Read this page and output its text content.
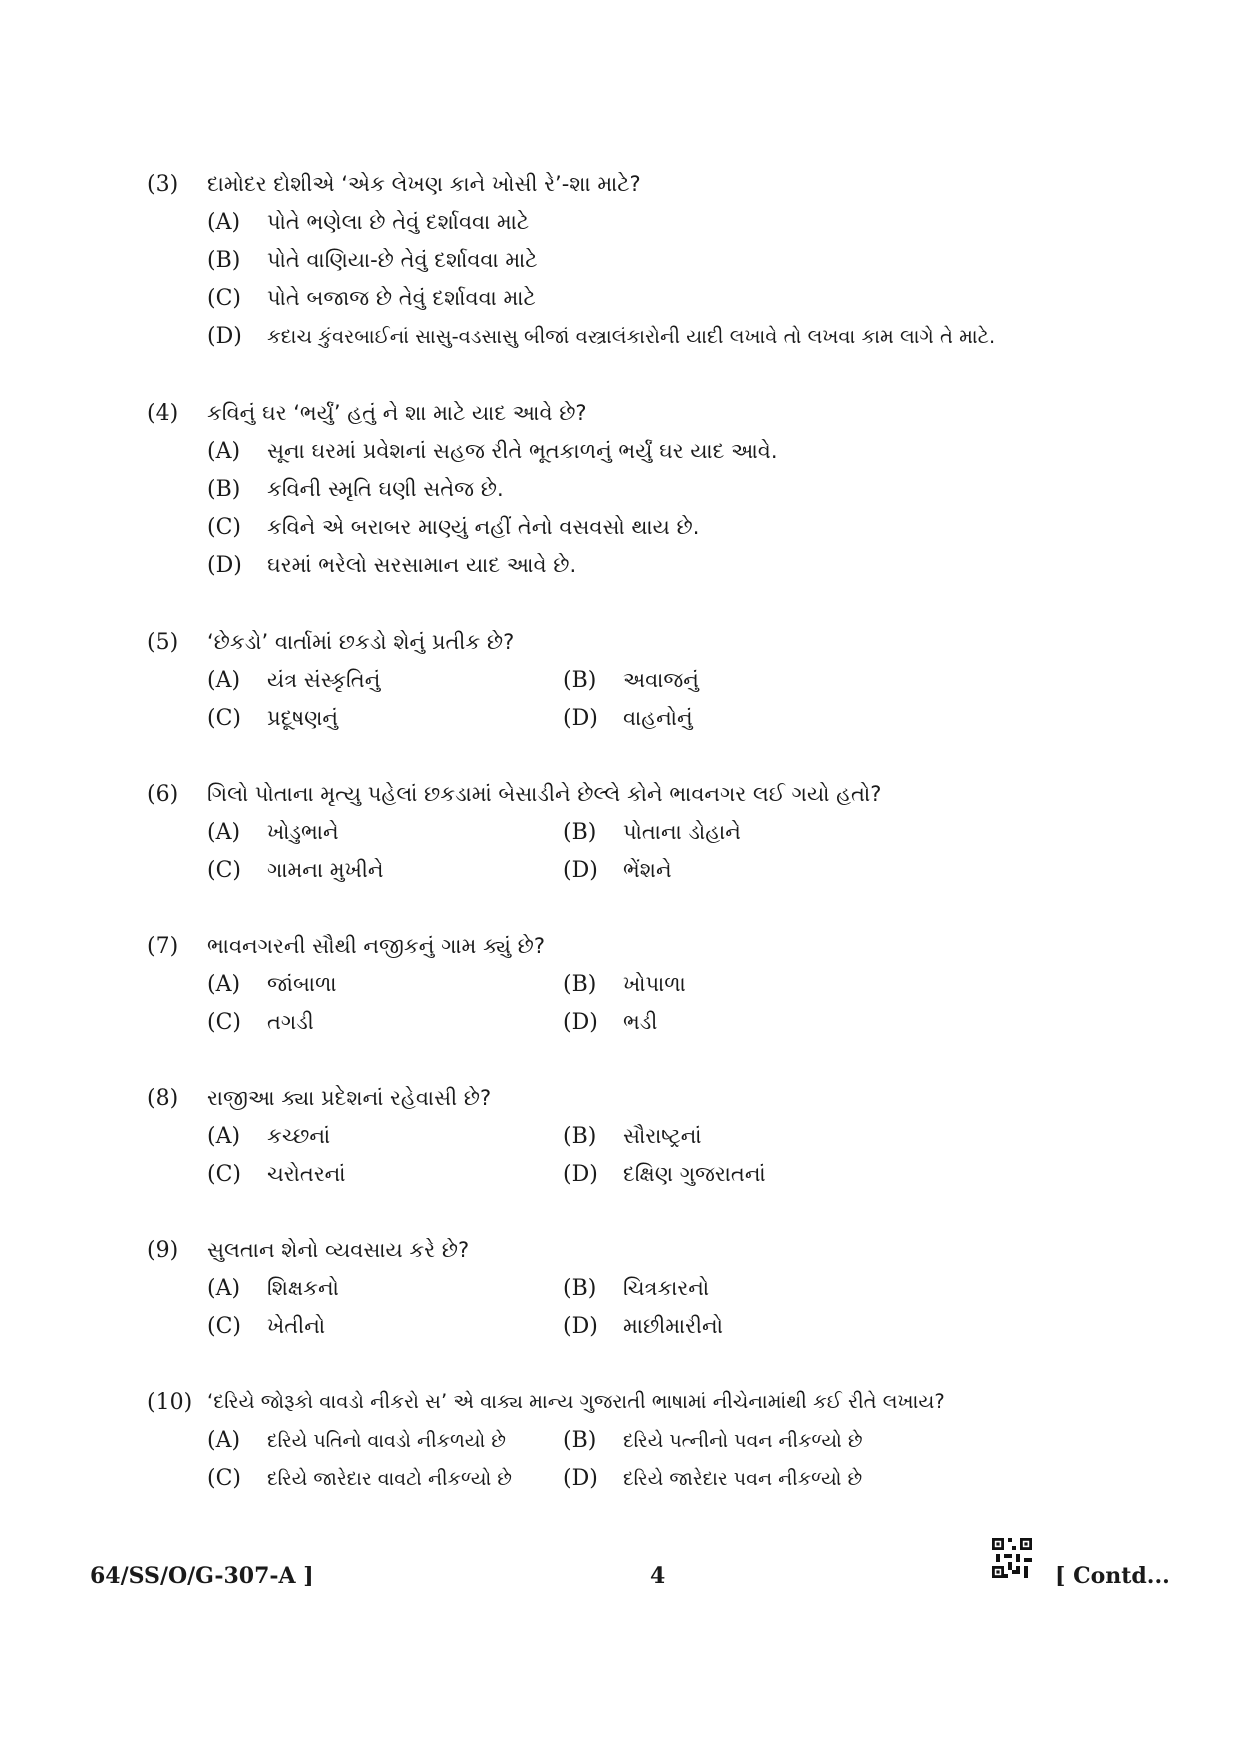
(3) દામોદર દોશીએ ‘એક લેખણ કાને ખોસી રે’-શા માટે?
(A) પોતે ભણેલા છે તેવું દર્શાવવા માટે
(B) પોતે વાણિયા-છે તેવું દર્શાવવા માટે
(C) પોતે બજાજ છે તેવું દર્શાવવા માટે
(D) કદાચ કુંવરબાઈનાં સાસુ-વડસાસુ બીજાં વસ્ત્રાલંકારોની યાદી લખાવે તો લખવા કામ લાગે તે માટે.
(4) કવિનું ઘર ‘ભર્યું’ હતું ને શા માટે યાદ આવે છે?
(A) સૂના ઘરમાં પ્રવેશનાં સહજ રીતે ભૂતકાળનું ભર્યું ઘર યાદ આવે.
(B) કવિની સ્મૃતિ ઘણી સતેજ છે.
(C) કવિને એ બરાબર માણ્યું નહીં તેનો વસવસો થાય છે.
(D) ઘરમાં ભરેલો સરસામાન યાદ આવે છે.
(5) ‘છેકડો’ વાર્તામાં છકડો શેનું પ્રતીક છે?
(A) યંત્ર સંસ્કૃતિનું	(B) અવાજનું
(C) પ્રદૂષણનું	(D) વાહનોનું
(6) ગિલો પોતાના મૃત્યુ પહેલાં છકડામાં બેસાડીને છેલ્લે કોને ભાવનગર લઈ ગયો હતો?
(A) ખોડુભાને	(B) પોતાના ડોહાને
(C) ગામના મુખીને	(D) ભેંશને
(7) ભાવનગરની સૌથી નજીકનું ગામ ક્યું છે?
(A) જાંબાળા	(B) ખોપાળા
(C) તગડી	(D) ભડી
(8) રાજીઆ ક્યા પ્રદેશનાં રહેવાસી છે?
(A) કચ્છનાં	(B) સૌરાષ્ટ્રનાં
(C) ચરોતરનાં	(D) દક્ષિણ ગુજરાતનાં
(9) સુલતાન શેનો વ્યવસાય કરે છે?
(A) શિક્ષકનો	(B) ચિત્રકારનો
(C) ખેતીનો	(D) માછીમારીનો
(10) ‘દરિયે જોરૂકો વાવડો નીકરો સ’ એ વાક્ય માન્ય ગુજરાતી ભાષામાં નીચેનામાંથી કઈ રીતે લખાય?
(A) દરિયે પતિનો વાવડો નીકળયો છે	(B) દરિયે પત્નીનો પવન નીકળ્યો છે
(C) દરિયે જારેદાર વાવટો નીકળ્યો છે (D) દરિયે જારેદાર પવન નીકળ્યો છે
64/SS/O/G-307-A ]	4	[ Contd...
